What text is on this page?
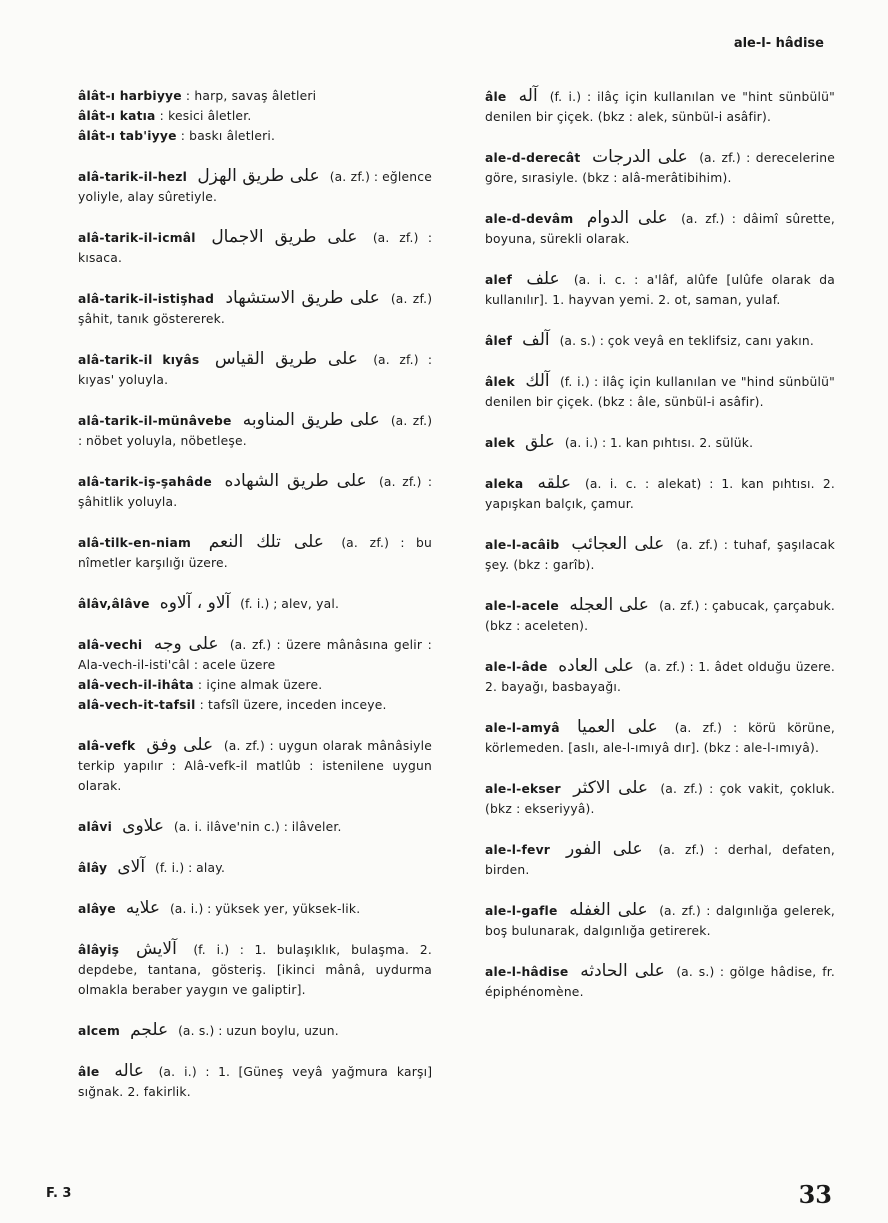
ale-l- hâdise
âlât-ı harbiyye : harp, savaş âletleri
âlât-ı katıa : kesici âletler.
âlât-ı tab'iyye : baskı âletleri.
alâ-tarik-il-hezl على طريق الهزل (a. zf.) : eğlence yoliyle, alay sûretiyle.
alâ-tarik-il-icmâl على طريق الاجمال (a. zf.) : kısaca.
alâ-tarik-il-istişhad على طريق الاستشهاد (a. zf.) şâhit, tanık göstererek.
alâ-tarik-il kıyâs على طريق القياس (a. zf.) : kıyas' yoluyla.
alâ-tarik-il-münâvebe على طريق المناوبه (a. zf.) : nöbet yoluyla, nöbetleşe.
alâ-tarik-iş-şahâde على طريق الشهاده (a. zf.) : şâhitlik yoluyla.
alâ-tilk-en-niam على تلك النعم (a. zf.) : bu nîmetler karşılığı üzere.
âlâv,âlâve آلاو ، آلاوه (f. i.) ; alev, yal.
alâ-vechi على وجه (a. zf.) : üzere mânâsına gelir : Ala-vech-il-isti'câl : acele üzere
alâ-vech-il-ihâta : içine almak üzere.
alâ-vech-it-tafsil : tafsîl üzere, inceden inceye.
alâ-vefk على وفق (a. zf.) : uygun olarak mânâsiyle terkip yapılır : Alâ-vefk-il matlûb : istenilene uygun olarak.
alâvi علاوى (a. i. ilâve'nin c.) : ilâveler.
âlây آلاى (f. i.) : alay.
alâye علايه (a. i.) : yüksek yer, yüksek-lik.
âlâyiş آلايش (f. i.) : 1. bulaşıklık, bulaşma. 2. depdebe, tantana, gösteriş. [ikinci mânâ, uydurma olmakla beraber yaygın ve galiptir].
alcem علجم (a. s.) : uzun boylu, uzun.
âle عاله (a. i.) : 1. [Güneş veyâ yağmura karşı] sığnak. 2. fakirlik.
âle آله (f. i.) : ilâç için kullanılan ve "hint sünbülü" denilen bir çiçek. (bkz : alek, sünbül-i asâfir).
ale-d-derecât على الدرجات (a. zf.) : derecelerine göre, sırasiyle. (bkz : alâ-merâtibihim).
ale-d-devâm على الدوام (a. zf.) : dâimî sûrette, boyuna, sürekli olarak.
alef علف (a. i. c. : a'lâf, alûfe [ulûfe olarak da kullanılır]. 1. hayvan yemi. 2. ot, saman, yulaf.
âlef آلف (a. s.) : çok veyâ en teklifsiz, canı yakın.
âlek آلك (f. i.) : ilâç için kullanılan ve "hind sünbülü" denilen bir çiçek. (bkz : âle, sünbül-i asâfir).
alek علق (a. i.) : 1. kan pıhtısı. 2. sülük.
aleka علقه (a. i. c. : alekat) : 1. kan pıhtısı. 2. yapışkan balçık, çamur.
ale-l-acâib على العجائب (a. zf.) : tuhaf, şaşılacak şey. (bkz : garîb).
ale-l-acele على العجله (a. zf.) : çabucak, çarçabuk. (bkz : aceleten).
ale-l-âde على العاده (a. zf.) : 1. âdet olduğu üzere. 2. bayağı, basbayağı.
ale-l-amyâ على العميا (a. zf.) : körü körüne, körlemeden. [aslı, ale-l-ımıyâ dır]. (bkz : ale-l-ımıyâ).
ale-l-ekser على الاكثر (a. zf.) : çok vakit, çokluk. (bkz : ekseriyyâ).
ale-l-fevr على الفور (a. zf.) : derhal, defaten, birden.
ale-l-gafle على الغفله (a. zf.) : dalgınlığa gelerek, boş bulunarak, dalgınlığa getirerek.
ale-l-hâdise على الحادثه (a. s.) : gölge hâdise, fr. épiphénomène.
F. 3	33
